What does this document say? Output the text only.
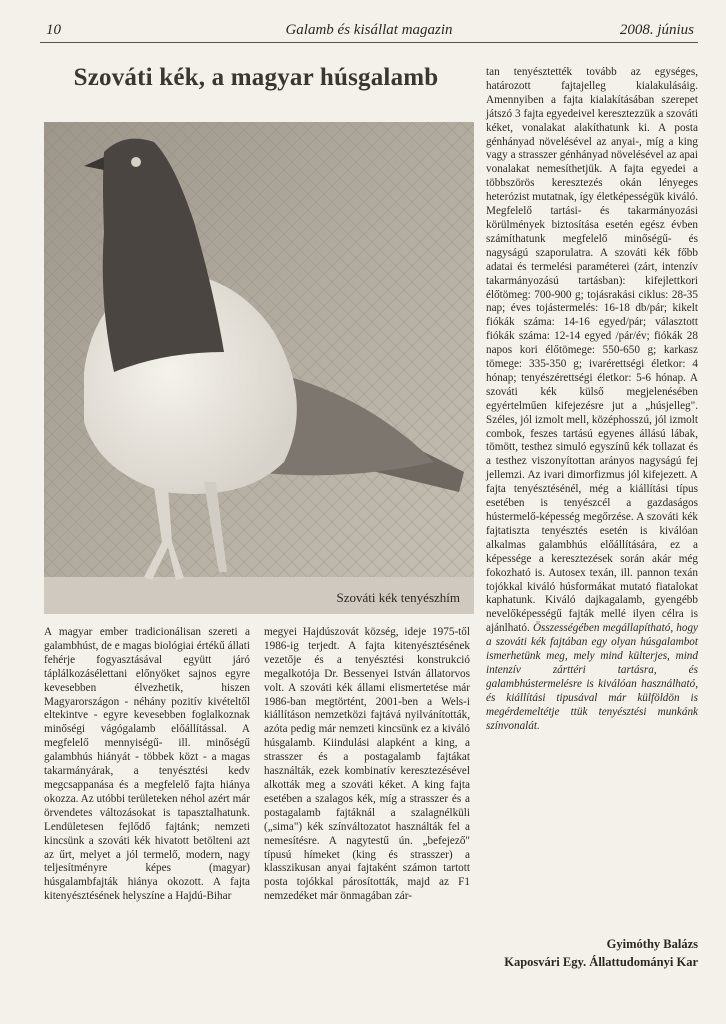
10	Galamb és kisállat magazin	2008. június
Szováti kék, a magyar húsgalamb
Szováti kék tenyészhím

A magyar ember tradicionálisan szereti a galambhúst, de e magas biológiai értékű állati fehérje fogyasztásával együtt járó táplálkozásélettani előnyöket sajnos egyre kevesebben élvezhetik, hiszen Magyarországon - néhány pozitív kivételtől eltekintve - egyre kevesebben foglalkoznak minőségi vágógalamb előállítással. A megfelelő mennyiségű- ill. minőségű galambhús hiányát - többek közt - a magas takarmányárak, a tenyésztési kedv megcsappanása és a megfelelő fajta hiánya okozza. Az utóbbi területeken néhol azért már örvendetes változásokat is tapasztalhatunk. Lendületesen fejlődő fajtánk; nemzeti kincsünk a szováti kék hivatott betölteni azt az űrt, melyet a jól termelő, modern, nagy teljesítményre képes (magyar) húsgalambfajták hiánya okozott. A fajta kitenyésztésének helyszíne a Hajdú-Bihar

megyei Hajdúszovát község, ideje 1975-től 1986-ig terjedt. A fajta kitenyésztésének vezetője és a tenyésztési konstrukció megalkotója Dr. Bessenyei István állatorvos volt. A szováti kék állami elismertetése már 1986-ban megtörtént, 2001-ben a Wels-i kiállításon nemzetközi fajtává nyilvánították, azóta pedig már nemzeti kincsünk ez a kiváló húsgalamb. Kiindulási alapként a king, a strasszer és a postagalamb fajtákat használták, ezek kombinatív keresztezésével alkották meg a szováti kéket. A king fajta esetében a szalagos kék, míg a strasszer és a postagalamb fajtáknál a szalagnélküli („sima") kék színváltozatot használták fel a nemesítésre. A nagytestű ún. „befejező" típusú hímeket (king és strasszer) a klasszikusan anyai fajtaként számon tartott posta tojókkal párosították, majd az F1 nemzedéket már önmagában zár-

tan tenyésztették tovább az egységes, határozott fajtajelleg kialakulásáig. Amennyiben a fajta kialakításában szerepet játszó 3 fajta egyedeivel keresztezzük a szováti kéket, vonalakat alakíthatunk ki. A posta génhányad növelésével az anyai-, míg a king vagy a strasszer génhányad növelésével az apai vonalakat nemesíthetjük. A fajta egyedei a többszörös keresztezés okán lényeges heterózist mutatnak, így életképességük kiváló. Megfelelő tartási- és takarmányozási körülmények biztosítása esetén egész évben számíthatunk megfelelő minőségű- és nagyságú szaporulatra. A szováti kék főbb adatai és termelési paraméterei (zárt, intenzív takarmányozású tartásban): kifejlettkori élőtömeg: 700-900 g; tojásrakási ciklus: 28-35 nap; éves tojástermelés: 16-18 db/pár; kikelt fiókák száma: 14-16 egyed/pár; választott fiókák száma: 12-14 egyed /pár/év; fiókák 28 napos kori élőtömege: 550-650 g; karkasz tömege: 335-350 g; ivarérettségi életkor: 4 hónap; tenyészérettségi életkor: 5-6 hónap. A szováti kék külső megjelenésében egyértelműen kifejezésre jut a „húsjelleg". Széles, jól izmolt mell, középhosszú, jól izmolt combok, feszes tartású egyenes állású lábak, tömött, testhez simuló egyszínű kék tollazat és a testhez viszonyítottan arányos nagyságú fej jellemzi. Az ivari dimorfizmus jól kifejezett. A fajta tenyésztésénél, még a kiállítási típus esetében is tenyészcél a gazdaságos hústermelő-képesség megőrzése. A szováti kék fajtatiszta tenyésztés esetén is kiválóan alkalmas galambhús előállítására, ez a képessége a keresztezések során akár még fokozható is. Autosex texán, ill. pannon texán tojókkal kiváló húsformákat mutató fiatalokat kaphatunk. Kiváló dajkagalamb, gyengébb nevelőképességű fajták mellé ilyen célra is ajánlható. Összességében megállapítható, hogy a szováti kék fajtában egy olyan húsgalambot ismerhetünk meg, mely mind külterjes, mind intenzív zárttéri tartásra, és galambhústermelésre is kiválóan használható, és kiállítási tipusával már külföldön is megérdemeltétje ttük tenyésztési munkánk színvonalát.

Gyimóthy Balázs
Kaposvári Egy. Állattudományi Kar
